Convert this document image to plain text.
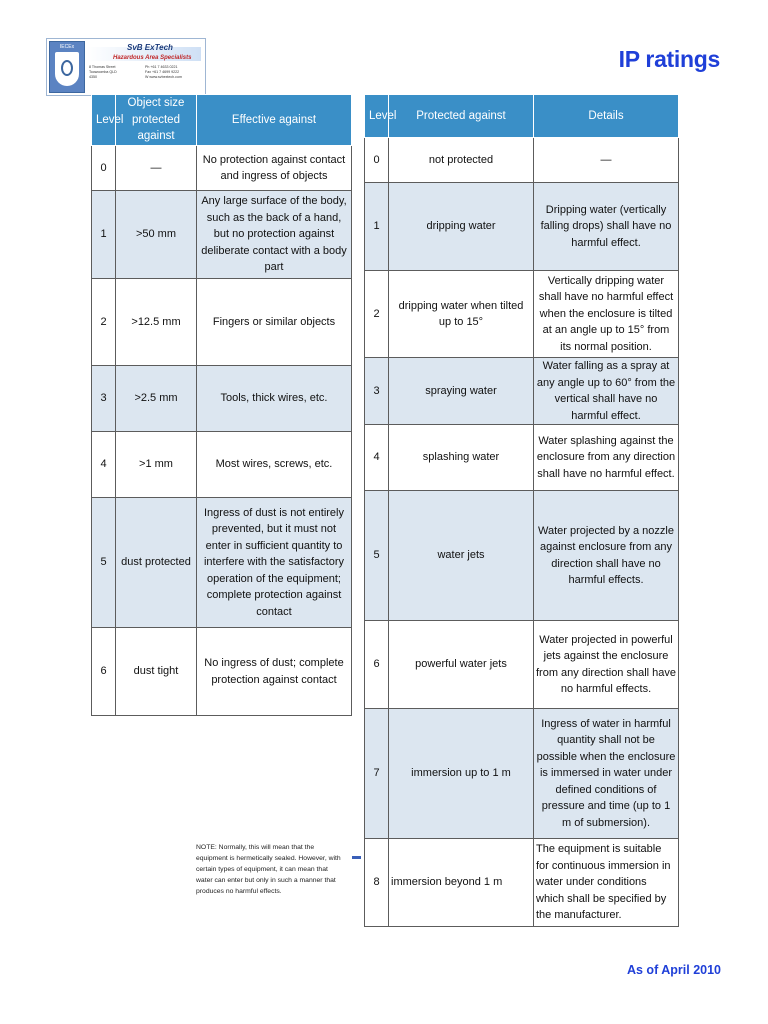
IECEx	SvB ExTech
Hazardous Area Specialists
8 Thomas Street
Toowoomba QLD
4350
Ph +61 7 4633 0221
Fax +61 7 4699 9222
W www.svbextech.com
IP ratings
Level	Object size protected against	Effective against
0	—	No protection against contact and ingress of objects
1	>50 mm	Any large surface of the body, such as the back of a hand, but no protection against deliberate contact with a body part
2	>12.5 mm	Fingers or similar objects
3	>2.5 mm	Tools, thick wires, etc.
4	>1 mm	Most wires, screws, etc.
5	dust protected	Ingress of dust is not entirely prevented, but it must not enter in sufficient quantity to interfere with the satisfactory operation of the equipment; complete protection against contact
6	dust tight	No ingress of dust; complete protection against contact
Level	Protected against	Details
0	not protected	—
1	dripping water	Dripping water (vertically falling drops) shall have no harmful effect.
2	dripping water when tilted up to 15°	Vertically dripping water shall have no harmful effect when the enclosure is tilted at an angle up to 15° from its normal position.
3	spraying water	Water falling as a spray at any angle up to 60° from the vertical shall have no harmful effect.
4	splashing water	Water splashing against the enclosure from any direction shall have no harmful effect.
5	water jets	Water projected by a nozzle against enclosure from any direction shall have no harmful effects.
6	powerful water jets	Water projected in powerful jets against the enclosure from any direction shall have no harmful effects.
7	immersion up to 1 m	Ingress of water in harmful quantity shall not be possible when the enclosure is immersed in water under defined conditions of pressure and time (up to 1 m of submersion).
8	immersion beyond 1 m	The equipment is suitable for continuous immersion in water under conditions which shall be specified by the manufacturer.
NOTE: Normally, this will mean that the equipment is hermetically sealed. However, with certain types of equipment, it can mean that water can enter but only in such a manner that produces no harmful effects.
As of April 2010
